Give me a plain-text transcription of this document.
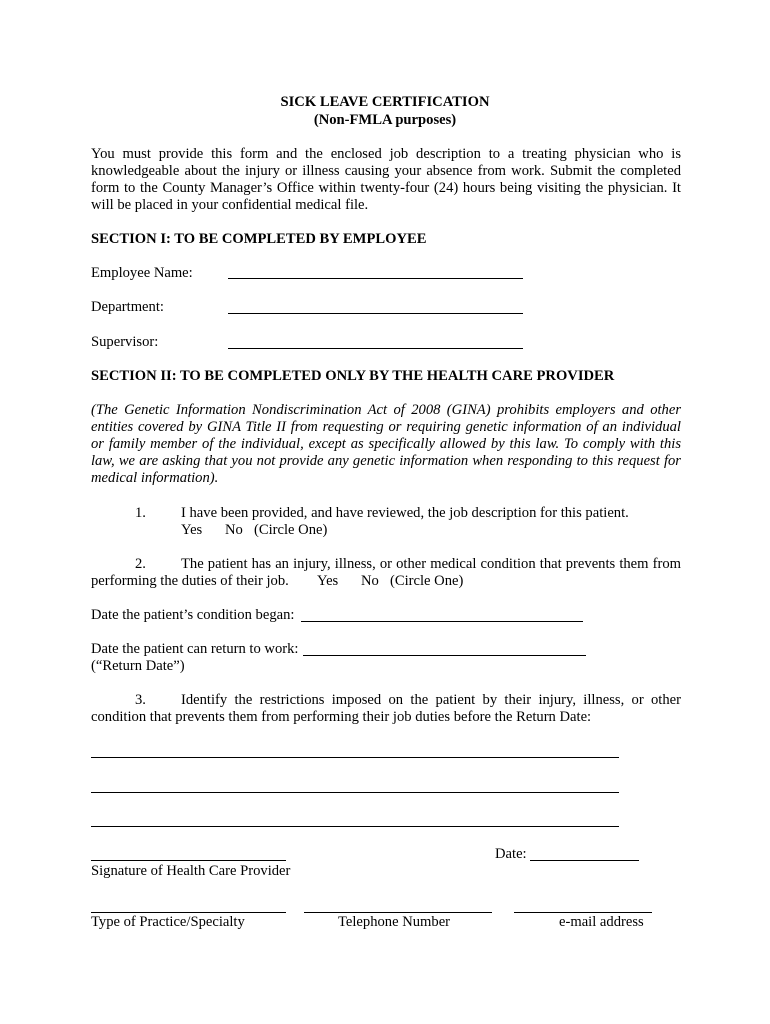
SICK LEAVE CERTIFICATION
(Non-FMLA purposes)
You must provide this form and the enclosed job description to a treating physician who is knowledgeable about the injury or illness causing your absence from work. Submit the completed form to the County Manager’s Office within twenty-four (24) hours being visiting the physician. It will be placed in your confidential medical file.
SECTION I: TO BE COMPLETED BY EMPLOYEE
Employee Name:
Department:
Supervisor:
SECTION II: TO BE COMPLETED ONLY BY THE HEALTH CARE PROVIDER
(The Genetic Information Nondiscrimination Act of 2008 (GINA) prohibits employers and other entities covered by GINA Title II from requesting or requiring genetic information of an individual or family member of the individual, except as specifically allowed by this law. To comply with this law, we are asking that you not provide any genetic information when responding to this request for medical information).
1. I have been provided, and have reviewed, the job description for this patient.
Yes No (Circle One)
2. The patient has an injury, illness, or other medical condition that prevents them from
performing the duties of their job. Yes No (Circle One)
Date the patient’s condition began:
Date the patient can return to work:
(“Return Date”)
3. Identify the restrictions imposed on the patient by their injury, illness, or other
condition that prevents them from performing their job duties before the Return Date:
Date:
Signature of Health Care Provider
Type of Practice/Specialty	Telephone Number	e-mail address
